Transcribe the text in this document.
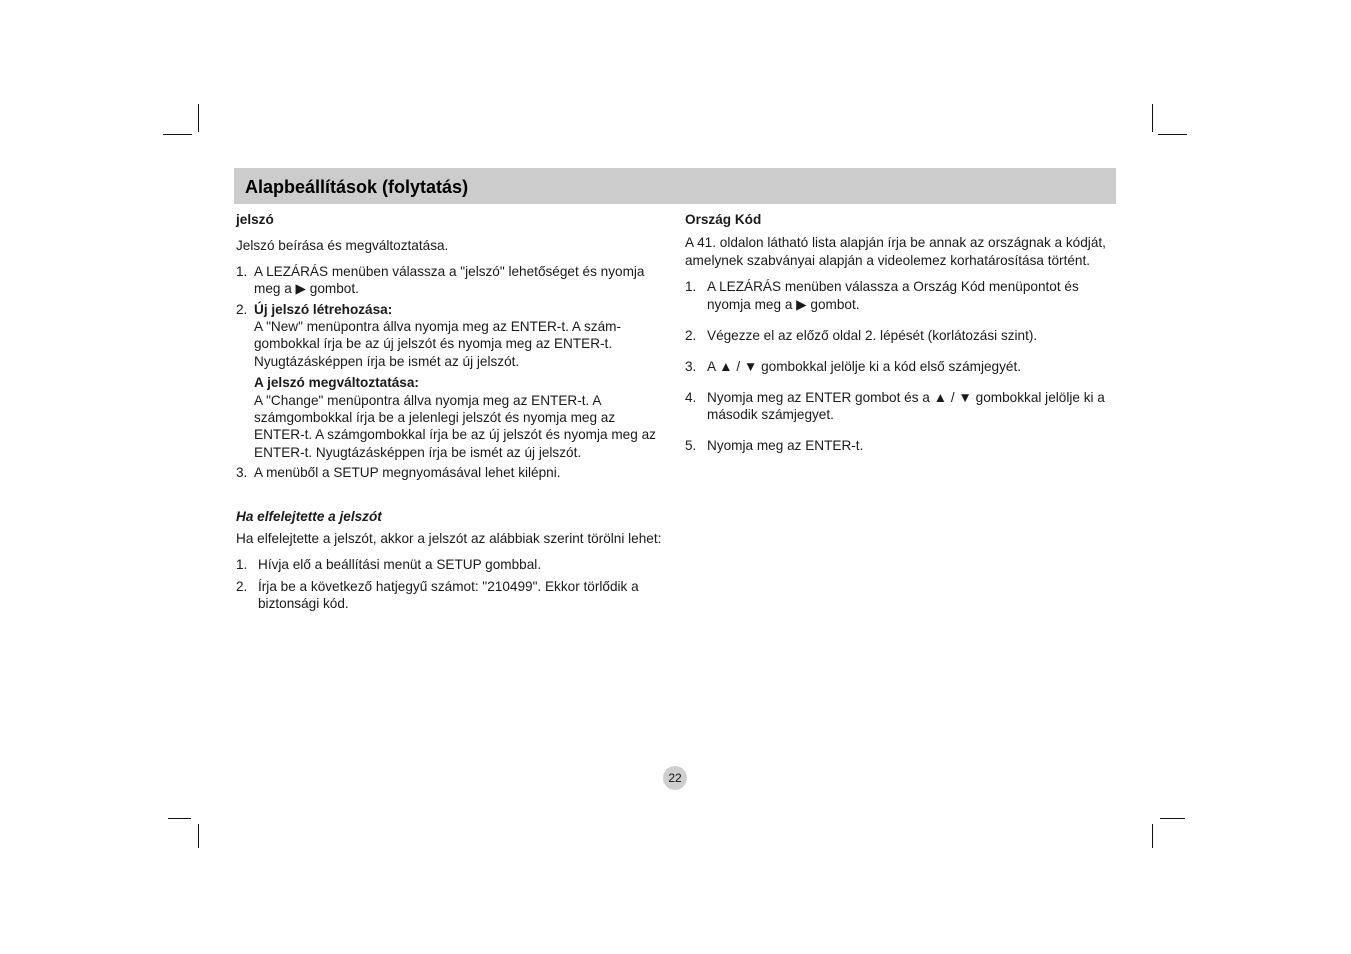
Alapbeállítások (folytatás)

jelszó

Jelszó beírása és megváltoztatása.

1. A LEZÁRÁS menüben válassza a "jelszó" lehetőséget és nyomja meg a ▶ gombot.
2. Új jelszó létrehozása:
A "New" menüpontra állva nyomja meg az ENTER-t. A szám-gombokkal írja be az új jelszót és nyomja meg az ENTER-t. Nyugtázásképpen írja be ismét az új jelszót.
A jelszó megváltoztatása:
A "Change" menüpontra állva nyomja meg az ENTER-t. A számgombokkal írja be a jelenlegi jelszót és nyomja meg az ENTER-t. A számgombokkal írja be az új jelszót és nyomja meg az ENTER-t. Nyugtázásképpen írja be ismét az új jelszót.
3. A menüből a SETUP megnyomásával lehet kilépni.

Ha elfelejtette a jelszót

Ha elfelejtette a jelszót, akkor a jelszót az alábbiak szerint törölni lehet:

1. Hívja elő a beállítási menüt a SETUP gombbal.
2. Írja be a következő hatjegyű számot: "210499". Ekkor törlődik a biztonsági kód.

Ország Kód

A 41. oldalon látható lista alapján írja be annak az országnak a kódját, amelynek szabványai alapján a videolemez korhatárosítása történt.

1. A LEZÁRÁS menüben válassza a Ország Kód menüpontot és nyomja meg a ▶ gombot.
2. Végezze el az előző oldal 2. lépését (korlátozási szint).
3. A ▲ / ▼ gombokkal jelölje ki a kód első számjegyét.
4. Nyomja meg az ENTER gombot és a ▲ / ▼ gombokkal jelölje ki a második számjegyet.
5. Nyomja meg az ENTER-t.
22
